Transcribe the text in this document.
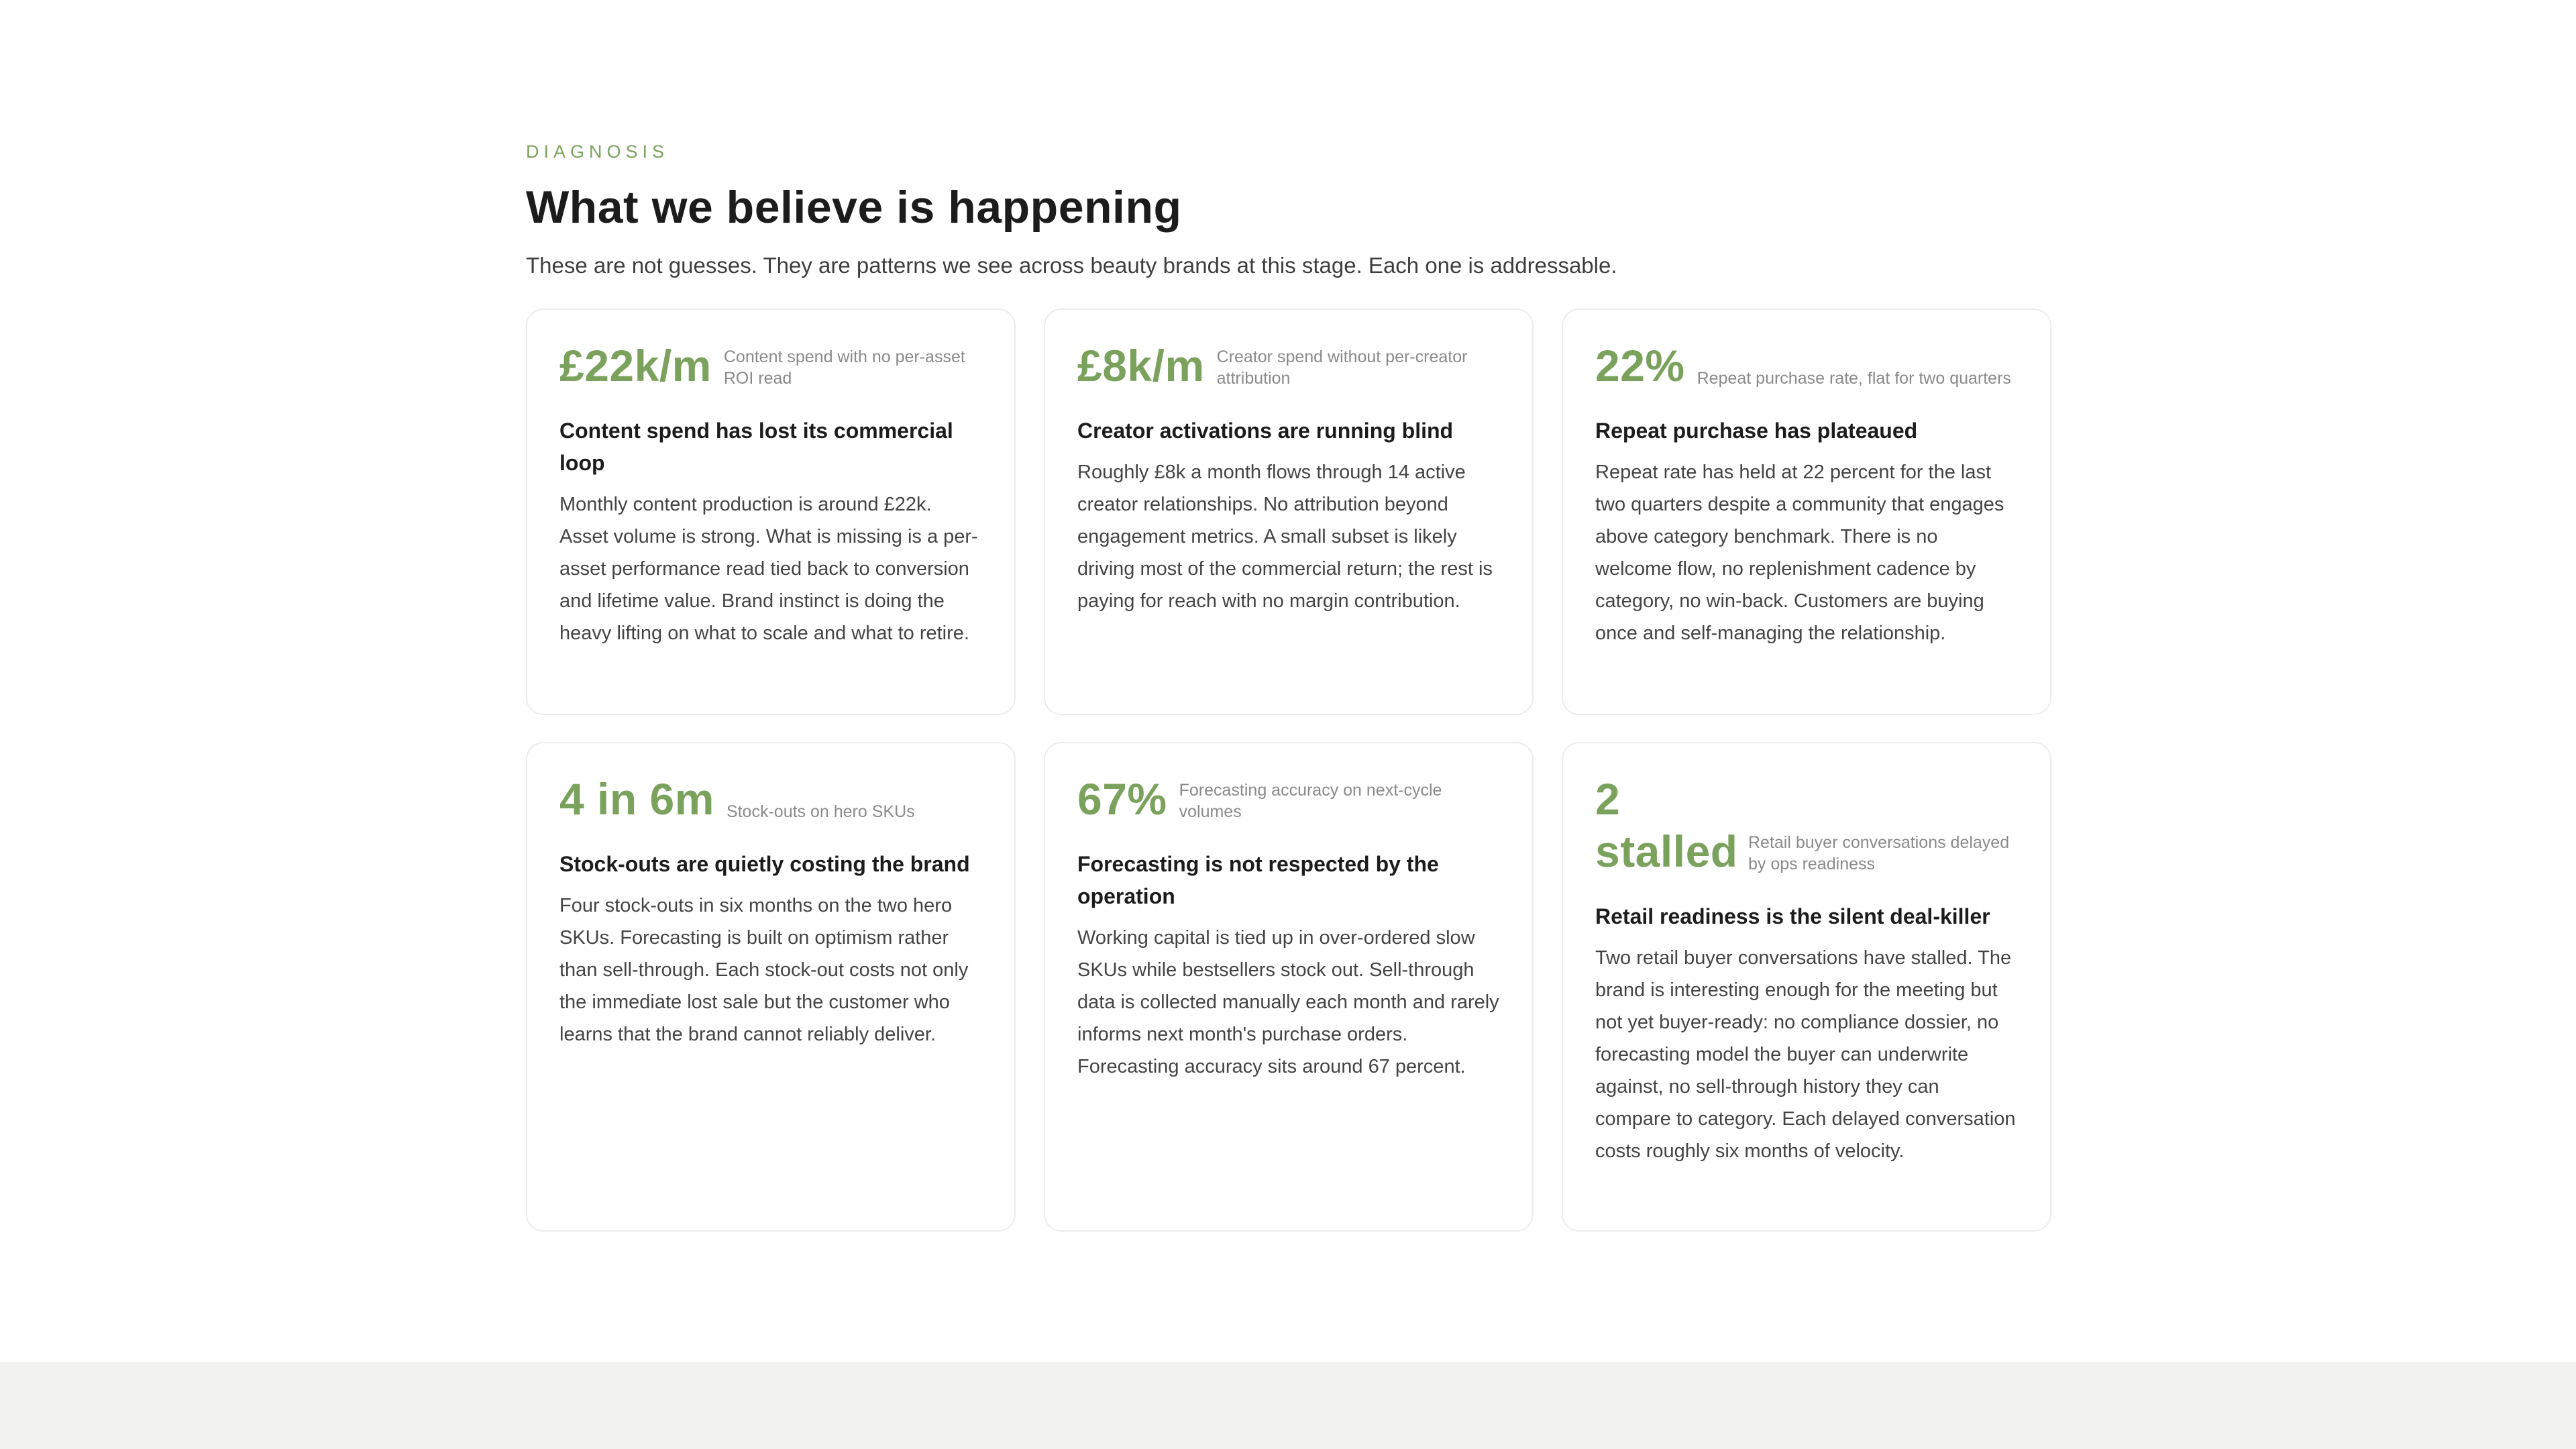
DIAGNOSIS
What we believe is happening

These are not guesses. They are patterns we see across beauty brands at this stage. Each one is addressable.

£22k/m Content spend with no per-asset ROI read
Content spend has lost its commercial loop

Monthly content production is around £22k. Asset volume is strong. What is missing is a per-asset performance read tied back to conversion and lifetime value. Brand instinct is doing the heavy lifting on what to scale and what to retire.

£8k/m Creator spend without per-creator attribution
Creator activations are running blind

Roughly £8k a month flows through 14 active creator relationships. No attribution beyond engagement metrics. A small subset is likely driving most of the commercial return; the rest is paying for reach with no margin contribution.

22% Repeat purchase rate, flat for two quarters
Repeat purchase has plateaued

Repeat rate has held at 22 percent for the last two quarters despite a community that engages above category benchmark. There is no welcome flow, no replenishment cadence by category, no win-back. Customers are buying once and self-managing the relationship.

4 in 6m Stock-outs on hero SKUs
Stock-outs are quietly costing the brand

Four stock-outs in six months on the two hero SKUs. Forecasting is built on optimism rather than sell-through. Each stock-out costs not only the immediate lost sale but the customer who learns that the brand cannot reliably deliver.

67% Forecasting accuracy on next-cycle volumes
Forecasting is not respected by the operation

Working capital is tied up in over-ordered slow SKUs while bestsellers stock out. Sell-through data is collected manually each month and rarely informs next month's purchase orders. Forecasting accuracy sits around 67 percent.

2 stalled Retail buyer conversations delayed by ops readiness
Retail readiness is the silent deal-killer

Two retail buyer conversations have stalled. The brand is interesting enough for the meeting but not yet buyer-ready: no compliance dossier, no forecasting model the buyer can underwrite against, no sell-through history they can compare to category. Each delayed conversation costs roughly six months of velocity.
